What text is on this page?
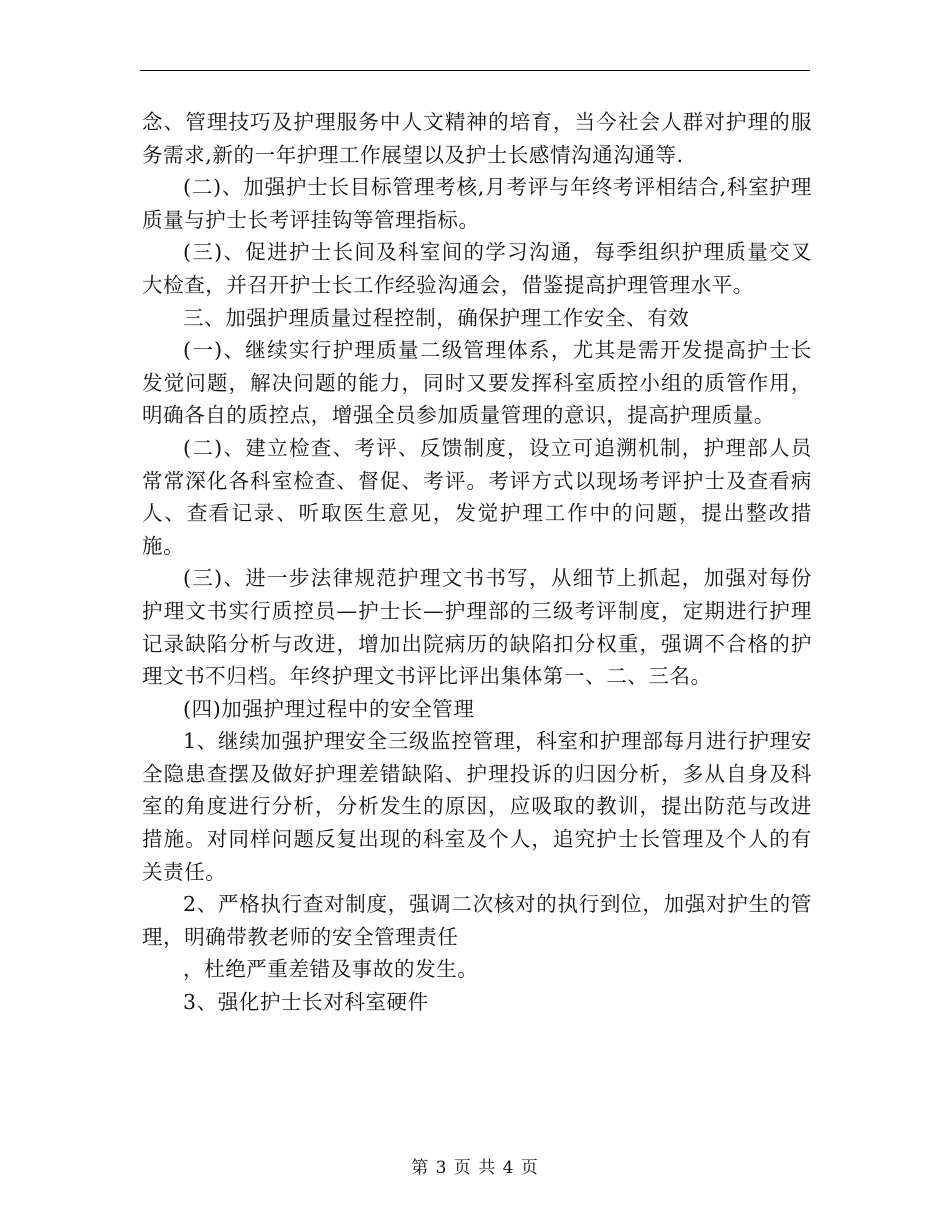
念、管理技巧及护理服务中人文精神的培育，当今社会人群对护理的服务需求,新的一年护理工作展望以及护士长感情沟通沟通等.

(二)、加强护士长目标管理考核,月考评与年终考评相结合,科室护理质量与护士长考评挂钩等管理指标。

(三)、促进护士长间及科室间的学习沟通，每季组织护理质量交叉大检查，并召开护士长工作经验沟通会，借鉴提高护理管理水平。

三、加强护理质量过程控制，确保护理工作安全、有效

(一)、继续实行护理质量二级管理体系，尤其是需开发提高护士长发觉问题，解决问题的能力，同时又要发挥科室质控小组的质管作用，明确各自的质控点，增强全员参加质量管理的意识，提高护理质量。

(二)、建立检查、考评、反馈制度，设立可追溯机制，护理部人员常常深化各科室检查、督促、考评。考评方式以现场考评护士及查看病人、查看记录、听取医生意见，发觉护理工作中的问题，提出整改措施。

(三)、进一步法律规范护理文书书写，从细节上抓起，加强对每份护理文书实行质控员—护士长—护理部的三级考评制度，定期进行护理记录缺陷分析与改进，增加出院病历的缺陷扣分权重，强调不合格的护理文书不归档。年终护理文书评比评出集体第一、二、三名。

(四)加强护理过程中的安全管理

1、继续加强护理安全三级监控管理，科室和护理部每月进行护理安全隐患查摆及做好护理差错缺陷、护理投诉的归因分析，多从自身及科室的角度进行分析，分析发生的原因，应吸取的教训，提出防范与改进措施。对同样问题反复出现的科室及个人，追究护士长管理及个人的有关责任。

2、严格执行查对制度，强调二次核对的执行到位，加强对护生的管理，明确带教老师的安全管理责任

，杜绝严重差错及事故的发生。

3、强化护士长对科室硬件

第 3 页 共 4 页
